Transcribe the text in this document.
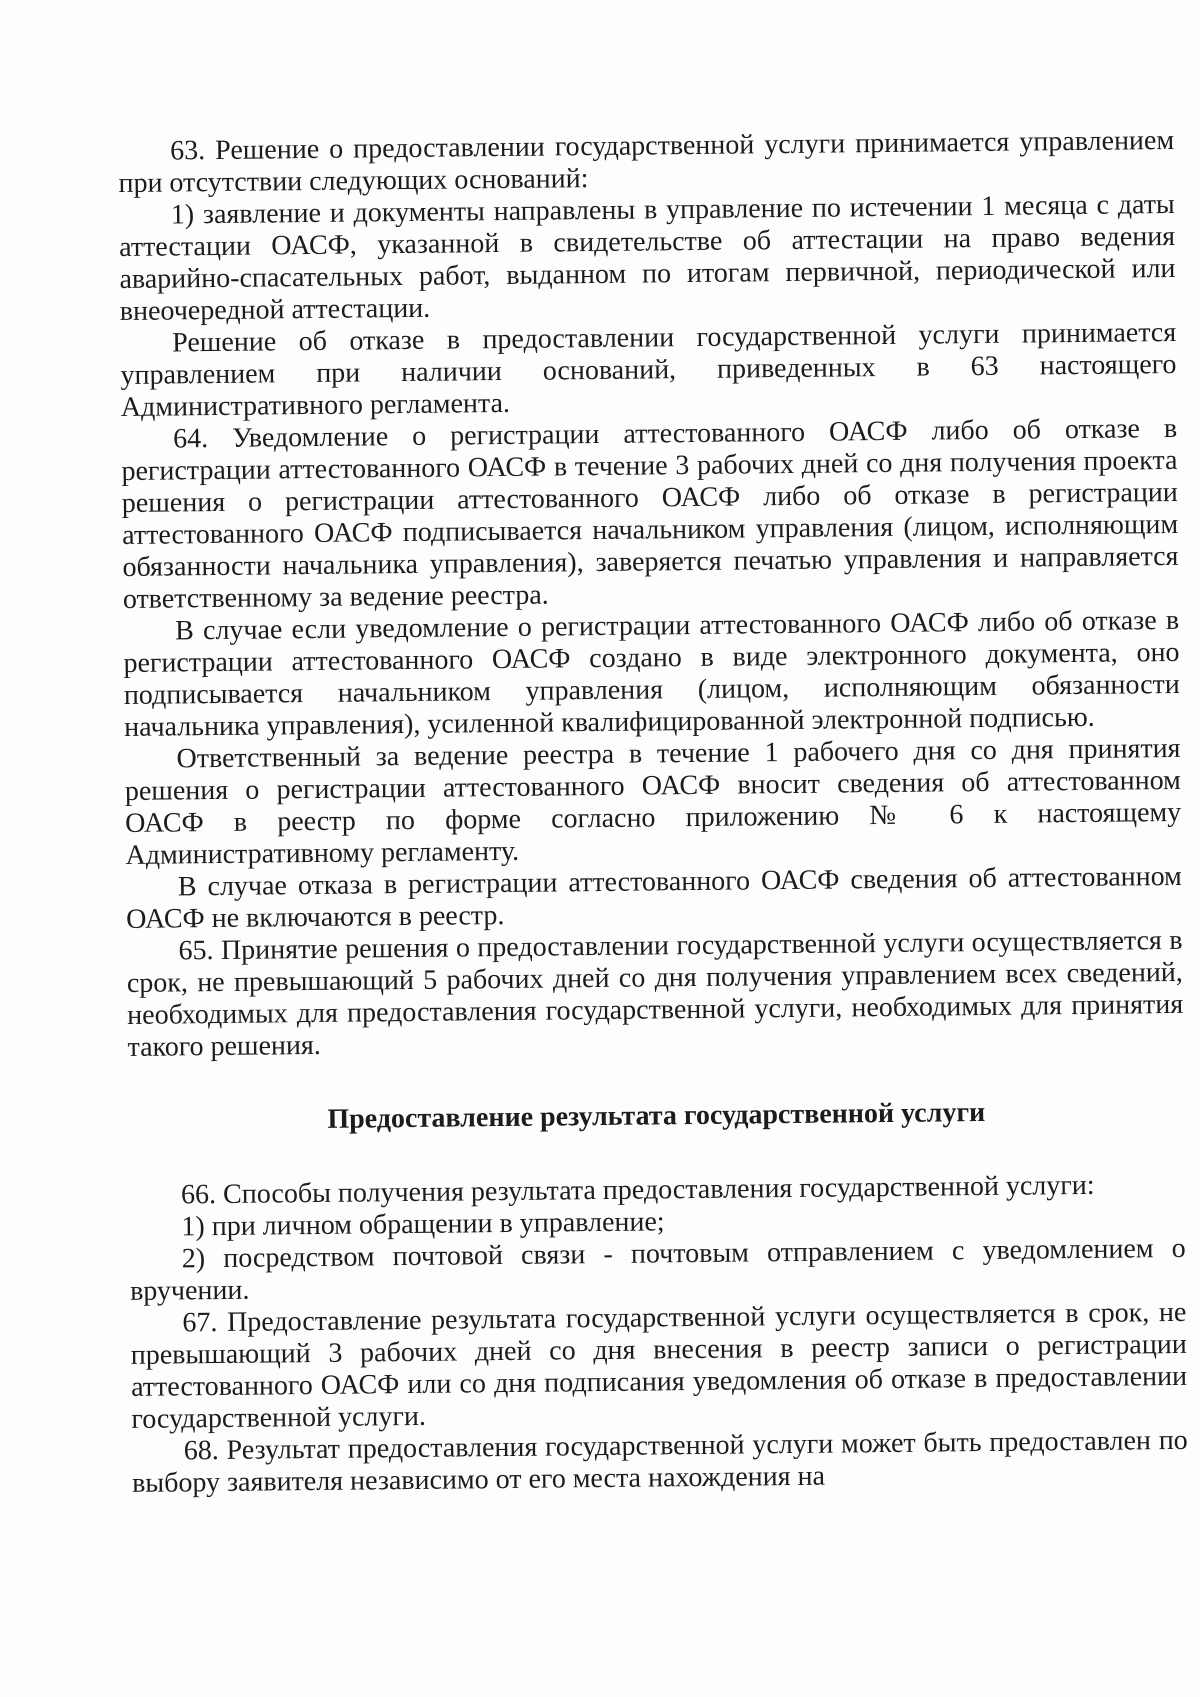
63. Решение о предоставлении государственной услуги принимается управлением при отсутствии следующих оснований:

1) заявление и документы направлены в управление по истечении 1 месяца с даты аттестации ОАСФ, указанной в свидетельстве об аттестации на право ведения аварийно-спасательных работ, выданном по итогам первичной, периодической или внеочередной аттестации.

Решение об отказе в предоставлении государственной услуги принимается управлением при наличии оснований, приведенных в 63 настоящего Административного регламента.

64. Уведомление о регистрации аттестованного ОАСФ либо об отказе в регистрации аттестованного ОАСФ в течение 3 рабочих дней со дня получения проекта решения о регистрации аттестованного ОАСФ либо об отказе в регистрации аттестованного ОАСФ подписывается начальником управления (лицом, исполняющим обязанности начальника управления), заверяется печатью управления и направляется ответственному за ведение реестра.

В случае если уведомление о регистрации аттестованного ОАСФ либо об отказе в регистрации аттестованного ОАСФ создано в виде электронного документа, оно подписывается начальником управления (лицом, исполняющим обязанности начальника управления), усиленной квалифицированной электронной подписью.

Ответственный за ведение реестра в течение 1 рабочего дня со дня принятия решения о регистрации аттестованного ОАСФ вносит сведения об аттестованном ОАСФ в реестр по форме согласно приложению № 6 к настоящему Административному регламенту.

В случае отказа в регистрации аттестованного ОАСФ сведения об аттестованном ОАСФ не включаются в реестр.

65. Принятие решения о предоставлении государственной услуги осуществляется в срок, не превышающий 5 рабочих дней со дня получения управлением всех сведений, необходимых для предоставления государственной услуги, необходимых для принятия такого решения.

Предоставление результата государственной услуги

66. Способы получения результата предоставления государственной услуги:

1) при личном обращении в управление;

2) посредством почтовой связи - почтовым отправлением с уведомлением о вручении.

67. Предоставление результата государственной услуги осуществляется в срок, не превышающий 3 рабочих дней со дня внесения в реестр записи о регистрации аттестованного ОАСФ или со дня подписания уведомления об отказе в предоставлении государственной услуги.

68. Результат предоставления государственной услуги может быть предоставлен по выбору заявителя независимо от его места нахождения на
